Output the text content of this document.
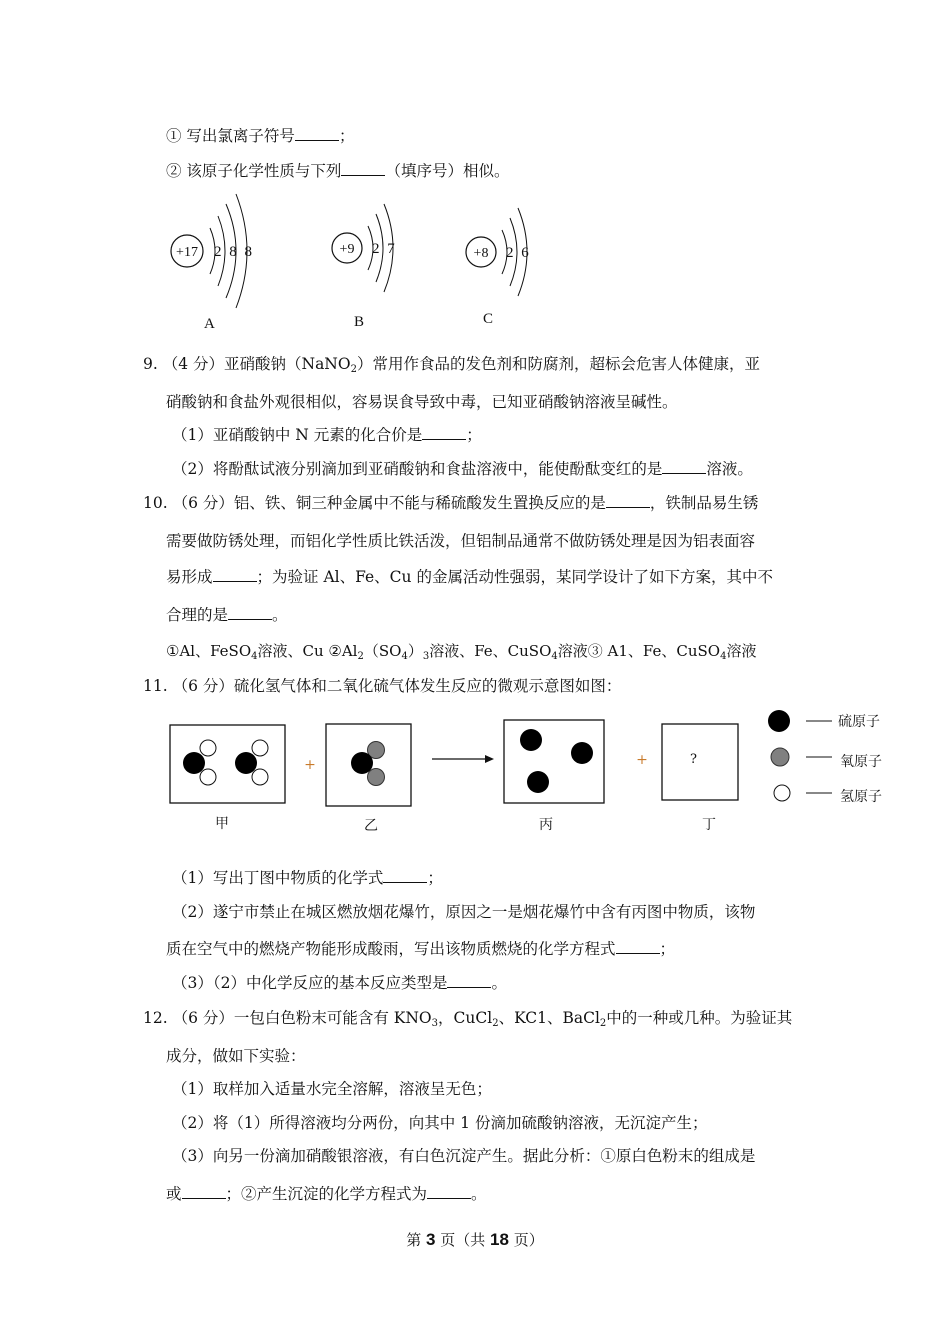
① 写出氯离子符号	；
② 该原子化学性质与下列	（填序号）相似。
+17 2 8 8
A
+9 2 7
B
+8 2 6
C
9. （4 分）亚硝酸钠（NaNO$_2$）常用作食品的发色剂和防腐剂，超标会危害人体健康，亚
硝酸钠和食盐外观很相似，容易误食导致中毒，已知亚硝酸钠溶液呈碱性。
（1）亚硝酸钠中 N 元素的化合价是	；
（2）将酚酞试液分别滴加到亚硝酸钠和食盐溶液中，能使酚酞变红的是	溶液。
10. （6 分）铝、铁、铜三种金属中不能与稀硫酸发生置换反应的是	，铁制品易生锈
需要做防锈处理，而铝化学性质比铁活泼，但铝制品通常不做防锈处理是因为铝表面容
易形成	；为验证 Al、Fe、Cu 的金属活动性强弱，某同学设计了如下方案，其中不
合理的是	。
①Al、FeSO$_4$溶液、Cu $②Al_2(SO_4)_3$溶液、Fe、CuSO$_4$溶液③ A1、Fe、CuSO$_4$溶液
11. （6 分）硫化氢气体和二氧化硫气体发生反应的微观示意图如图：
+	+	?
硫原子
氧原子
氢原子
甲	乙	丙	丁
（1）写出丁图中物质的化学式	；
（2）遂宁市禁止在城区燃放烟花爆竹，原因之一是烟花爆竹中含有丙图中物质，该物
质在空气中的燃烧产物能形成酸雨，写出该物质燃烧的化学方程式	；
（3）（2）中化学反应的基本反应类型是	。
12. （6 分）一包白色粉末可能含有 $KNO_3$，CuCl$_2$、KC1、BaCl$_2$中的一种或几种。为验证其
成分，做如下实验：
（1）取样加入适量水完全溶解，溶液呈无色；
（2）将（1）所得溶液均分两份，向其中 1 份滴加硫酸钠溶液，无沉淀产生；
（3）向另一份滴加硝酸银溶液，有白色沉淀产生。据此分析：①原白色粉末的组成是
或	；②产生沉淀的化学方程式为	。
第 3 页（共 18 页）
